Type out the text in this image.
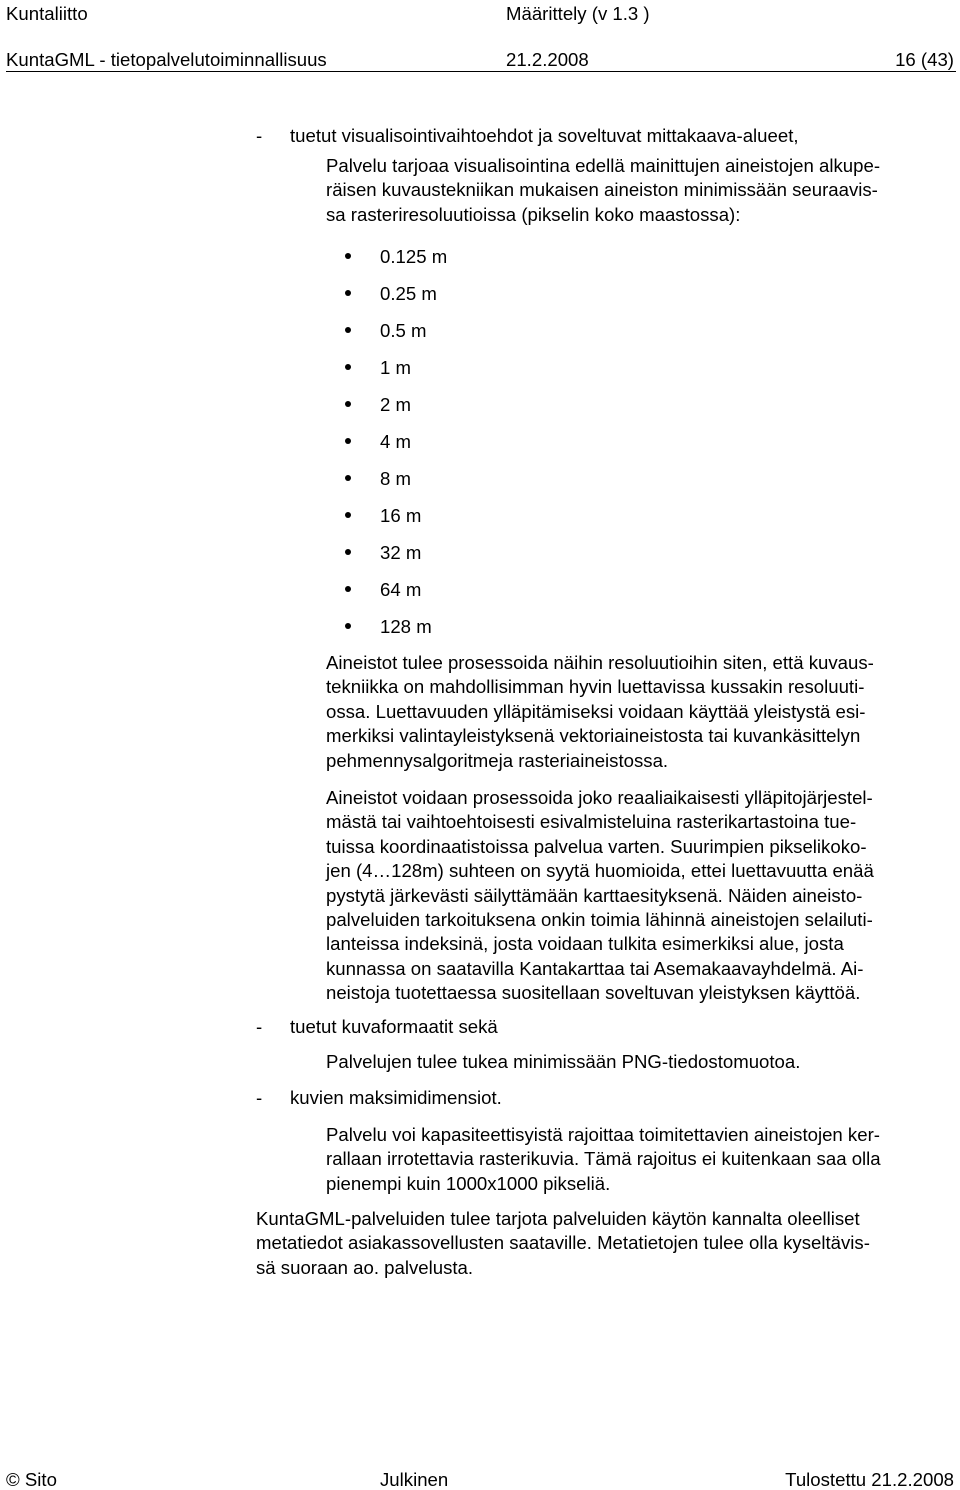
Kuntaliitto	Määrittely (v 1.3 )
KuntaGML - tietopalvelutoiminnallisuus	21.2.2008	16 (43)
- tuetut visualisointivaihtoehdot ja soveltuvat mittakaava-alueet,
Palvelu tarjoaa visualisointina edellä mainittujen aineistojen alkupe-
räisen kuvaustekniikan mukaisen aineiston minimissään seuraavis-
sa rasteriresoluutioissa (pikselin koko maastossa):
0.125 m
0.25 m
0.5 m
1 m
2 m
4 m
8 m
16 m
32 m
64 m
128 m
Aineistot tulee prosessoida näihin resoluutioihin siten, että kuvaus-
tekniikka on mahdollisimman hyvin luettavissa kussakin resoluuti-
ossa. Luettavuuden ylläpitämiseksi voidaan käyttää yleistystä esi-
merkiksi valintayleistyksenä vektoriaineistosta tai kuvankäsittelyn
pehmennysalgoritmeja rasteriaineistossa.
Aineistot voidaan prosessoida joko reaaliaikaisesti ylläpitojärjestel-
mästä tai vaihtoehtoisesti esivalmisteluina rasterikartastoina tue-
tuissa koordinaatistoissa palvelua varten. Suurimpien pikselikoko-
jen (4…128m) suhteen on syytä huomioida, ettei luettavuutta enää
pystytä järkevästi säilyttämään karttaesityksenä. Näiden aineisto-
palveluiden tarkoituksena onkin toimia lähinnä aineistojen selailuti-
lanteissa indeksinä, josta voidaan tulkita esimerkiksi alue, josta
kunnassa on saatavilla Kantakarttaa tai Asemakaavayhdelmä. Ai-
neistoja tuotettaessa suositellaan soveltuvan yleistyksen käyttöä.
- tuetut kuvaformaatit sekä
Palvelujen tulee tukea minimissään PNG-tiedostomuotoa.
- kuvien maksimidimensiot.
Palvelu voi kapasiteettisyistä rajoittaa toimitettavien aineistojen ker-
rallaan irrotettavia rasterikuvia. Tämä rajoitus ei kuitenkaan saa olla
pienempi kuin 1000x1000 pikseliä.
KuntaGML-palveluiden tulee tarjota palveluiden käytön kannalta oleelliset
metatiedot asiakassovellusten saataville. Metatietojen tulee olla kyseltävis-
sä suoraan ao. palvelusta.
© Sito	Julkinen	Tulostettu 21.2.2008
